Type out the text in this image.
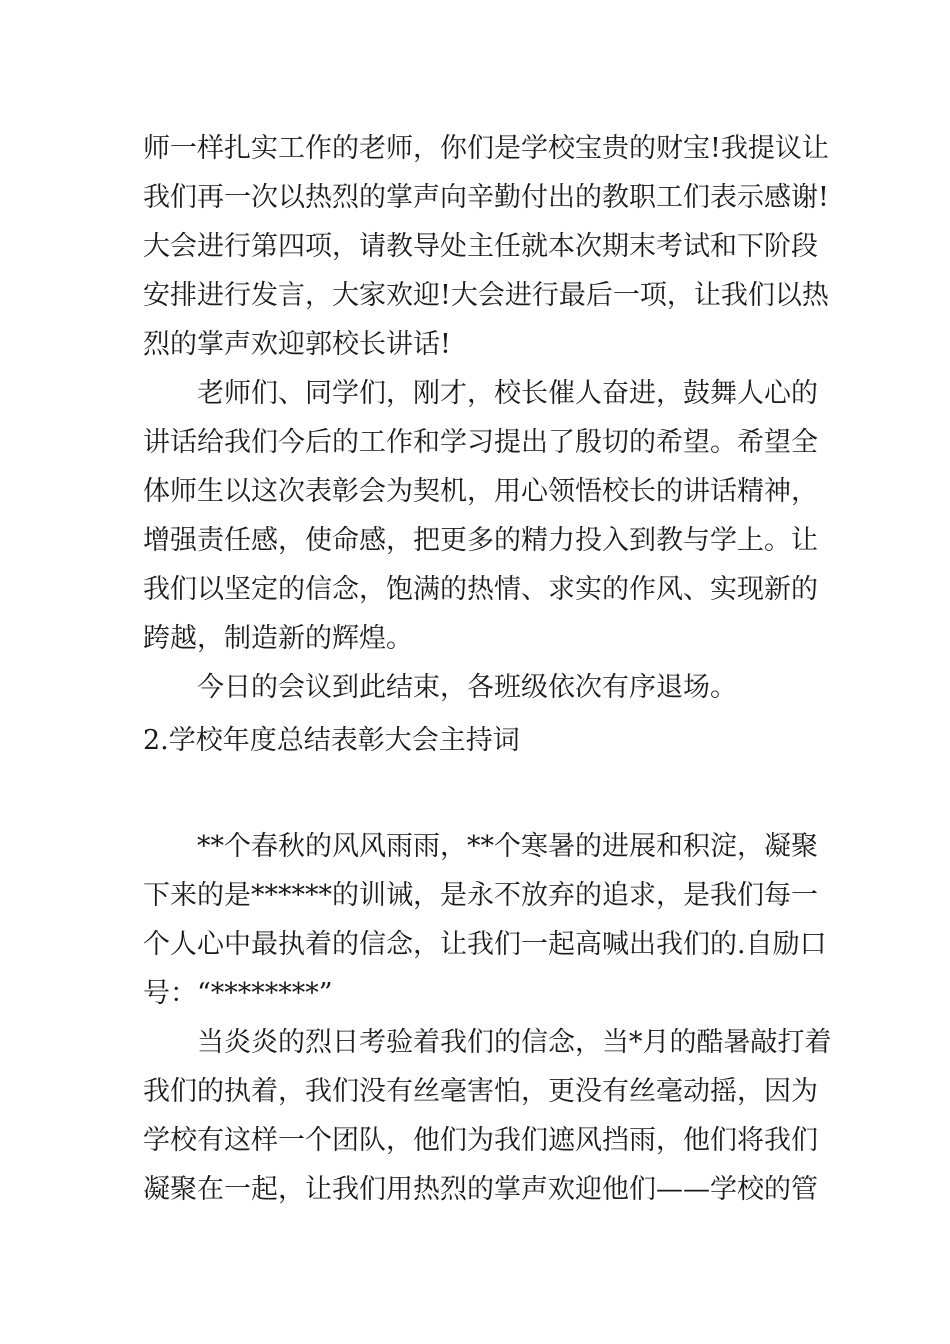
师一样扎实工作的老师，你们是学校宝贵的财宝!我提议让
我们再一次以热烈的掌声向辛勤付出的教职工们表示感谢!
大会进行第四项，请教导处主任就本次期末考试和下阶段
安排进行发言，大家欢迎!大会进行最后一项，让我们以热
烈的掌声欢迎郭校长讲话!
老师们、同学们，刚才，校长催人奋进，鼓舞人心的
讲话给我们今后的工作和学习提出了殷切的希望。希望全
体师生以这次表彰会为契机，用心领悟校长的讲话精神，
增强责任感，使命感，把更多的精力投入到教与学上。让
我们以坚定的信念，饱满的热情、求实的作风、实现新的
跨越，制造新的辉煌。
今日的会议到此结束，各班级依次有序退场。
2.学校年度总结表彰大会主持词
**个春秋的风风雨雨，**个寒暑的进展和积淀，凝聚
下来的是******的训诫，是永不放弃的追求，是我们每一
个人心中最执着的信念，让我们一起高喊出我们的.自励口
号：“********”
当炎炎的烈日考验着我们的信念，当*月的酷暑敲打着
我们的执着，我们没有丝毫害怕，更没有丝毫动摇，因为
学校有这样一个团队，他们为我们遮风挡雨，他们将我们
凝聚在一起，让我们用热烈的掌声欢迎他们——学校的管
